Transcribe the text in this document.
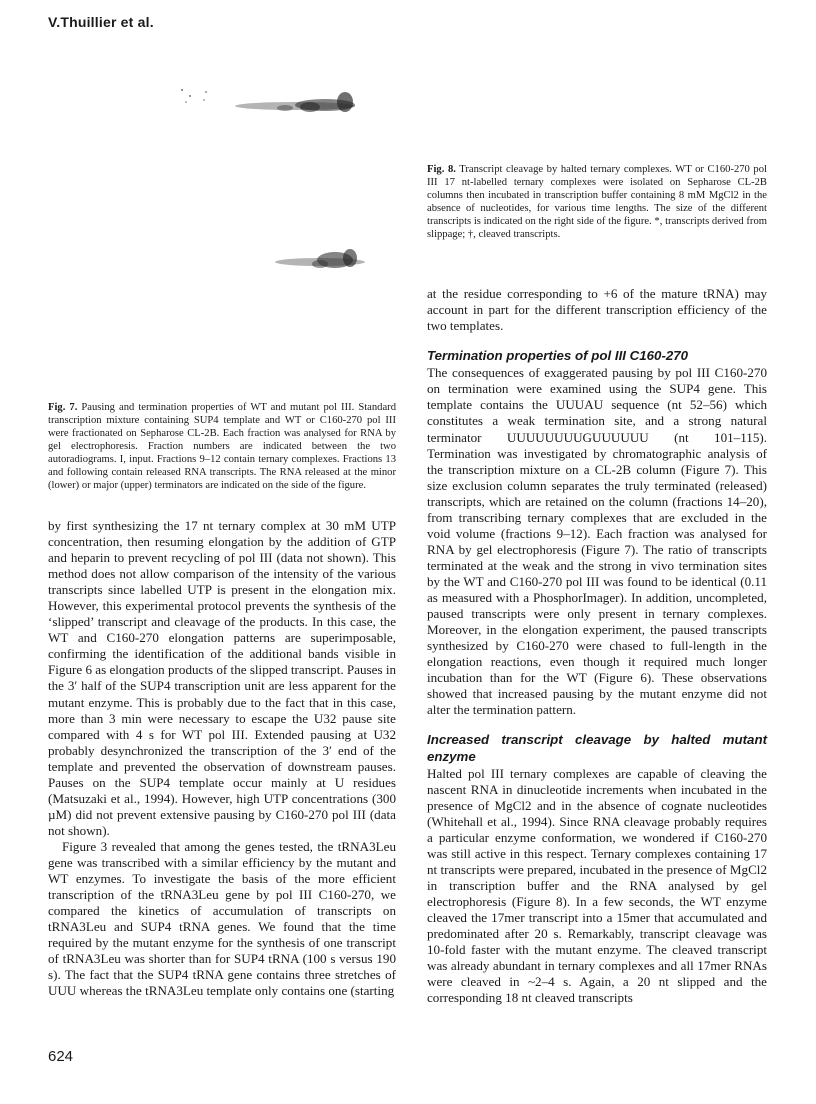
V.Thuillier et al.
Fig. 8. Transcript cleavage by halted ternary complexes. WT or C160-270 pol III 17 nt-labelled ternary complexes were isolated on Sepharose CL-2B columns then incubated in transcription buffer containing 8 mM MgCl2 in the absence of nucleotides, for various time lengths. The size of the different transcripts is indicated on the right side of the figure. *, transcripts derived from slippage; †, cleaved transcripts.
Fig. 7. Pausing and termination properties of WT and mutant pol III. Standard transcription mixture containing SUP4 template and WT or C160-270 pol III were fractionated on Sepharose CL-2B. Each fraction was analysed for RNA by gel electrophoresis. Fraction numbers are indicated between the two autoradiograms. I, input. Fractions 9–12 contain ternary complexes. Fractions 13 and following contain released RNA transcripts. The RNA released at the minor (lower) or major (upper) terminators are indicated on the side of the figure.

by first synthesizing the 17 nt ternary complex at 30 mM UTP concentration, then resuming elongation by the addition of GTP and heparin to prevent recycling of pol III (data not shown). This method does not allow comparison of the intensity of the various transcripts since labelled UTP is present in the elongation mix. However, this experimental protocol prevents the synthesis of the ‘slipped’ transcript and cleavage of the products. In this case, the WT and C160-270 elongation patterns are superimposable, confirming the identification of the additional bands visible in Figure 6 as elongation products of the slipped transcript. Pauses in the 3′ half of the SUP4 transcription unit are less apparent for the mutant enzyme. This is probably due to the fact that in this case, more than 3 min were necessary to escape the U32 pause site compared with 4 s for WT pol III. Extended pausing at U32 probably desynchronized the transcription of the 3′ end of the template and prevented the observation of downstream pauses. Pauses on the SUP4 template occur mainly at U residues (Matsuzaki et al., 1994). However, high UTP concentrations (300 µM) did not prevent extensive pausing by C160-270 pol III (data not shown).

Figure 3 revealed that among the genes tested, the tRNA3Leu gene was transcribed with a similar efficiency by the mutant and WT enzymes. To investigate the basis of the more efficient transcription of the tRNA3Leu gene by pol III C160-270, we compared the kinetics of accumulation of transcripts on tRNA3Leu and SUP4 tRNA genes. We found that the time required by the mutant enzyme for the synthesis of one transcript of tRNA3Leu was shorter than for SUP4 tRNA (100 s versus 190 s). The fact that the SUP4 tRNA gene contains three stretches of UUU whereas the tRNA3Leu template only contains one (starting

at the residue corresponding to +6 of the mature tRNA) may account in part for the different transcription efficiency of the two templates.

Termination properties of pol III C160-270

The consequences of exaggerated pausing by pol III C160-270 on termination were examined using the SUP4 gene. This template contains the UUUAU sequence (nt 52–56) which constitutes a weak termination site, and a strong natural terminator UUUUUUUUGUUUUUU (nt 101–115). Termination was investigated by chromatographic analysis of the transcription mixture on a CL-2B column (Figure 7). This size exclusion column separates the truly terminated (released) transcripts, which are retained on the column (fractions 14–20), from transcribing ternary complexes that are excluded in the void volume (fractions 9–12). Each fraction was analysed for RNA by gel electrophoresis (Figure 7). The ratio of transcripts terminated at the weak and the strong in vivo termination sites by the WT and C160-270 pol III was found to be identical (0.11 as measured with a PhosphorImager). In addition, uncompleted, paused transcripts were only present in ternary complexes. Moreover, in the elongation experiment, the paused transcripts synthesized by C160-270 were chased to full-length in the elongation reactions, even though it required much longer incubation than for the WT (Figure 6). These observations showed that increased pausing by the mutant enzyme did not alter the termination pattern.

Increased transcript cleavage by halted mutant enzyme

Halted pol III ternary complexes are capable of cleaving the nascent RNA in dinucleotide increments when incubated in the presence of MgCl2 and in the absence of cognate nucleotides (Whitehall et al., 1994). Since RNA cleavage probably requires a particular enzyme conformation, we wondered if C160-270 was still active in this respect. Ternary complexes containing 17 nt transcripts were prepared, incubated in the presence of MgCl2 in transcription buffer and the RNA analysed by gel electrophoresis (Figure 8). In a few seconds, the WT enzyme cleaved the 17mer transcript into a 15mer that accumulated and predominated after 20 s. Remarkably, transcript cleavage was 10-fold faster with the mutant enzyme. The cleaved transcript was already abundant in ternary complexes and all 17mer RNAs were cleaved in ~2–4 s. Again, a 20 nt slipped and the corresponding 18 nt cleaved transcripts

624
